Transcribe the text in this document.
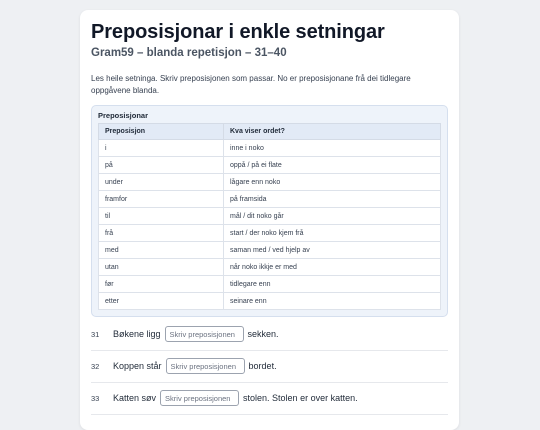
Preposisjonar i enkle setningar
Gram59 – blanda repetisjon – 31–40

Les heile setninga. Skriv preposisjonen som passar. No er preposisjonane frå dei tidlegare oppgåvene blanda.

Preposisjonar
Preposisjon	Kva viser ordet?
i	inne i noko
på	oppå / på ei flate
under	lågare enn noko
framfor	på framsida
til	mål / dit noko går
frå	start / der noko kjem frå
med	saman med / ved hjelp av
utan	når noko ikkje er med
før	tidlegare enn
etter	seinare enn
31	Bøkene ligg
Skriv preposisjonen	sekken.
32	Koppen står
Skriv preposisjonen	bordet.
33	Katten søv
Skriv preposisjonen	stolen. Stolen er over katten.
